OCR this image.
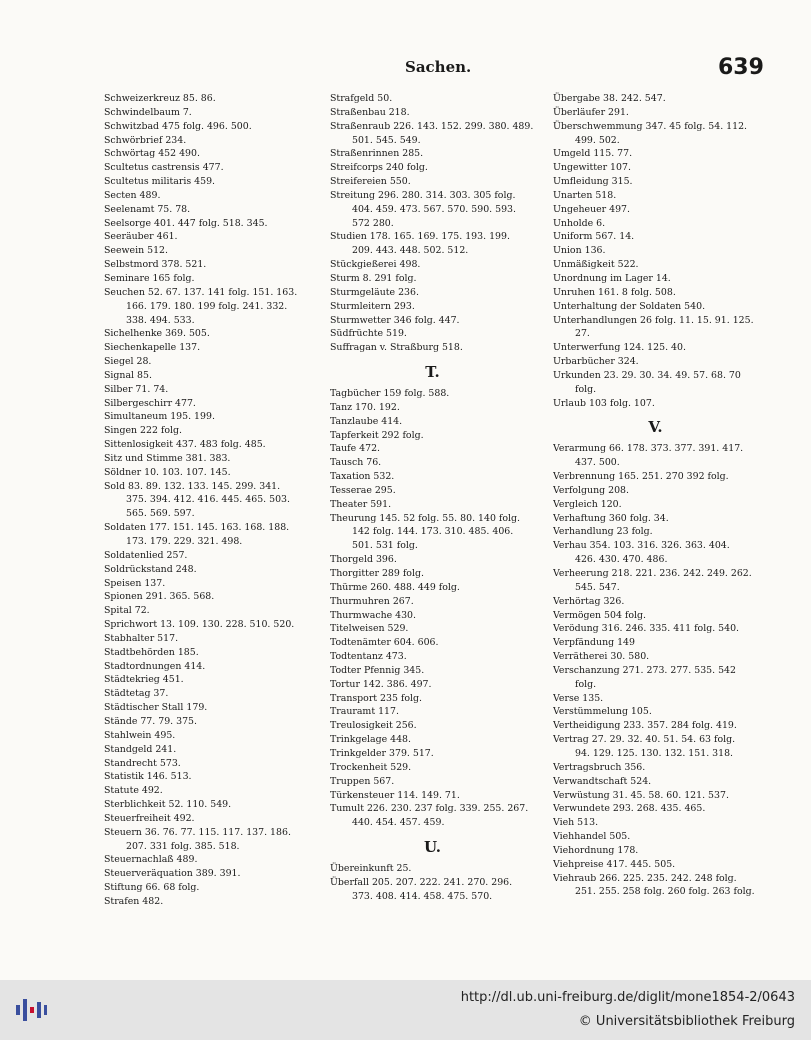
Sachen.	639
Schweizerkreuz 85. 86.
Schwindelbaum 7.
Schwitzbad 475 folg. 496. 500.
Schwörbrief 234.
Schwörtag 452 490.
Scultetus castrensis 477.
Scultetus militaris 459.
Secten 489.
Seelenamt 75. 78.
Seelsorge 401. 447 folg. 518. 345.
Seeräuber 461.
Seewein 512.
Selbstmord 378. 521.
Seminare 165 folg.
Seuchen 52. 67. 137. 141 folg. 151. 163.
166. 179. 180. 199 folg. 241. 332.
338. 494. 533.
Sichelhenke 369. 505.
Siechenkapelle 137.
Siegel 28.
Signal 85.
Silber 71. 74.
Silbergeschirr 477.
Simultaneum 195. 199.
Singen 222 folg.
Sittenlosigkeit 437. 483 folg. 485.
Sitz und Stimme 381. 383.
Söldner 10. 103. 107. 145.
Sold 83. 89. 132. 133. 145. 299. 341.
375. 394. 412. 416. 445. 465. 503.
565. 569. 597.
Soldaten 177. 151. 145. 163. 168. 188.
173. 179. 229. 321. 498.
Soldatenlied 257.
Soldrückstand 248.
Speisen 137.
Spionen 291. 365. 568.
Spital 72.
Sprichwort 13. 109. 130. 228. 510. 520.
Stabhalter 517.
Stadtbehörden 185.
Stadtordnungen 414.
Städtekrieg 451.
Städtetag 37.
Städtischer Stall 179.
Stände 77. 79. 375.
Stahlwein 495.
Standgeld 241.
Standrecht 573.
Statistik 146. 513.
Statute 492.
Sterblichkeit 52. 110. 549.
Steuerfreiheit 492.
Steuern 36. 76. 77. 115. 117. 137. 186.
207. 331 folg. 385. 518.
Steuernachlaß 489.
Steuerveräquation 389. 391.
Stiftung 66. 68 folg.
Strafen 482.
Strafgeld 50.
Straßenbau 218.
Straßenraub 226. 143. 152. 299. 380. 489.
501. 545. 549.
Straßenrinnen 285.
Streifcorps 240 folg.
Streifereien 550.
Streitung 296. 280. 314. 303. 305 folg.
404. 459. 473. 567. 570. 590. 593.
572 280.
Studien 178. 165. 169. 175. 193. 199.
209. 443. 448. 502. 512.
Stückgießerei 498.
Sturm 8. 291 folg.
Sturmgeläute 236.
Sturmleitern 293.
Sturmwetter 346 folg. 447.
Südfrüchte 519.
Suffragan v. Straßburg 518.
T.
Tagbücher 159 folg. 588.
Tanz 170. 192.
Tanzlaube 414.
Tapferkeit 292 folg.
Taufe 472.
Tausch 76.
Taxation 532.
Tesserae 295.
Theater 591.
Theurung 145. 52 folg. 55. 80. 140 folg.
142 folg. 144. 173. 310. 485. 406.
501. 531 folg.
Thorgeld 396.
Thorgitter 289 folg.
Thürme 260. 488. 449 folg.
Thurmuhren 267.
Thurmwache 430.
Titelweisen 529.
Todtenämter 604. 606.
Todtentanz 473.
Todter Pfennig 345.
Tortur 142. 386. 497.
Transport 235 folg.
Trauramt 117.
Treulosigkeit 256.
Trinkgelage 448.
Trinkgelder 379. 517.
Trockenheit 529.
Truppen 567.
Türkensteuer 114. 149. 71.
Tumult 226. 230. 237 folg. 339. 255. 267.
440. 454. 457. 459.
U.
Übereinkunft 25.
Überfall 205. 207. 222. 241. 270. 296.
373. 408. 414. 458. 475. 570.
Übergabe 38. 242. 547.
Überläufer 291.
Überschwemmung 347. 45 folg. 54. 112.
499. 502.
Umgeld 115. 77.
Ungewitter 107.
Umfleidung 315.
Unarten 518.
Ungeheuer 497.
Unholde 6.
Uniform 567. 14.
Union 136.
Unmäßigkeit 522.
Unordnung im Lager 14.
Unruhen 161. 8 folg. 508.
Unterhaltung der Soldaten 540.
Unterhandlungen 26 folg. 11. 15. 91. 125.
27.
Unterwerfung 124. 125. 40.
Urbarbücher 324.
Urkunden 23. 29. 30. 34. 49. 57. 68. 70
folg.
Urlaub 103 folg. 107.
V.
Verarmung 66. 178. 373. 377. 391. 417.
437. 500.
Verbrennung 165. 251. 270 392 folg.
Verfolgung 208.
Vergleich 120.
Verhaftung 360 folg. 34.
Verhandlung 23 folg.
Verhau 354. 103. 316. 326. 363. 404.
426. 430. 470. 486.
Verheerung 218. 221. 236. 242. 249. 262.
545. 547.
Verhörtag 326.
Vermögen 504 folg.
Verödung 316. 246. 335. 411 folg. 540.
Verpfändung 149
Verrätherei 30. 580.
Verschanzung 271. 273. 277. 535. 542
folg.
Verse 135.
Verstümmelung 105.
Vertheidigung 233. 357. 284 folg. 419.
Vertrag 27. 29. 32. 40. 51. 54. 63 folg.
94. 129. 125. 130. 132. 151. 318.
Vertragsbruch 356.
Verwandtschaft 524.
Verwüstung 31. 45. 58. 60. 121. 537.
Verwundete 293. 268. 435. 465.
Vieh 513.
Viehhandel 505.
Viehordnung 178.
Viehpreise 417. 445. 505.
Viehraub 266. 225. 235. 242. 248 folg.
251. 255. 258 folg. 260 folg. 263 folg.
http://dl.ub.uni-freiburg.de/diglit/mone1854-2/0643
© Universitätsbibliothek Freiburg
